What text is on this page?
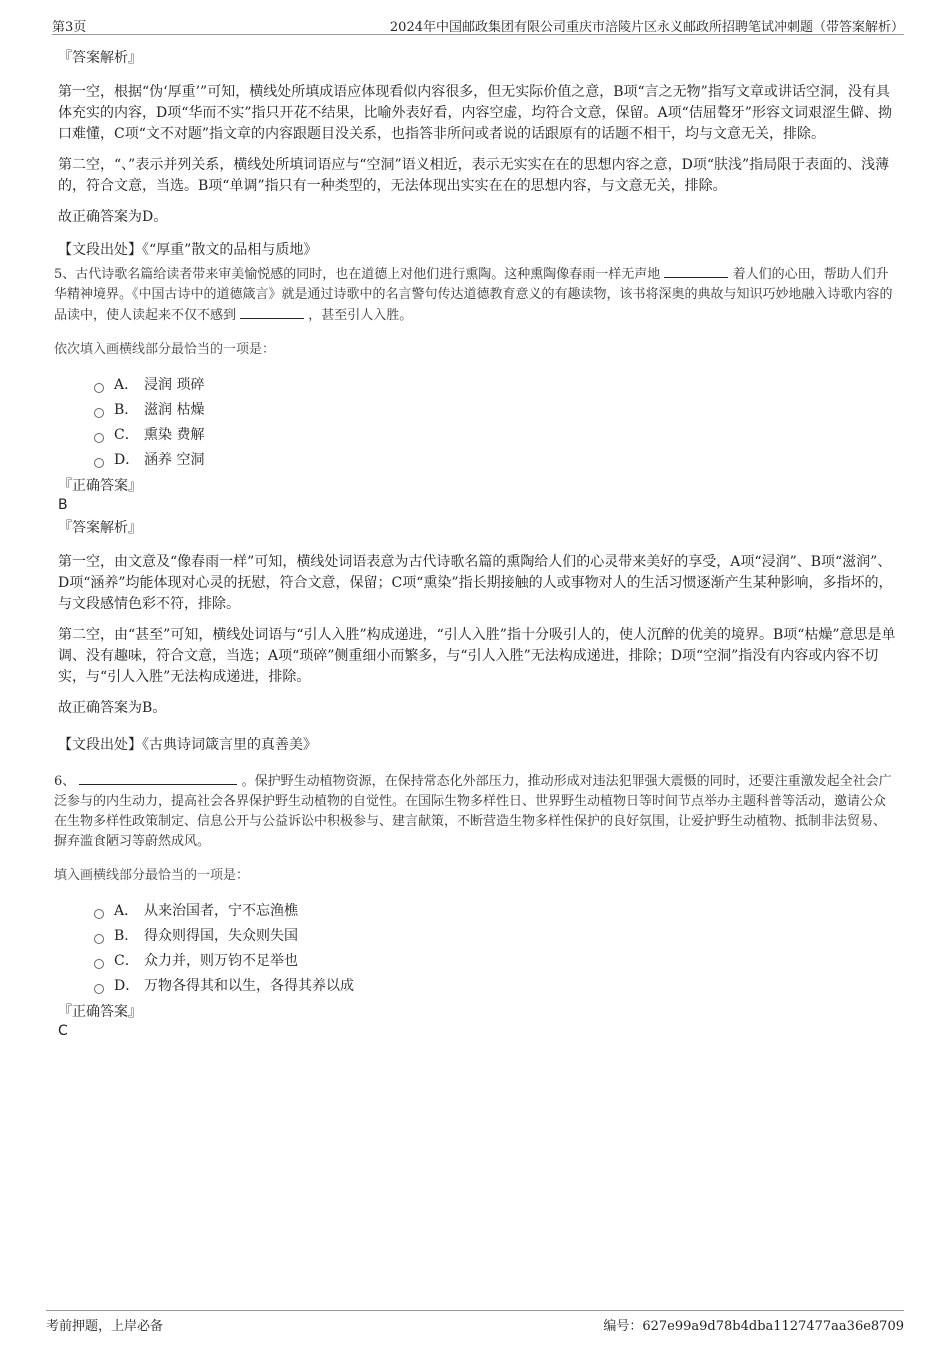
第3页	2024年中国邮政集团有限公司重庆市涪陵片区永义邮政所招聘笔试冲刺题（带答案解析）
『答案解析』
第一空，根据“伪‘厚重’”可知，横线处所填成语应体现看似内容很多，但无实际价值之意，B项“言之无物”指写文章或讲话空洞，没有具体充实的内容，D项“华而不实”指只开花不结果，比喻外表好看，内容空虚，均符合文意，保留。A项“佶屈聱牙”形容文词艰涩生僻、拗口难懂，C项“文不对题”指文章的内容跟题目没关系，也指答非所问或者说的话跟原有的话题不相干，均与文意无关，排除。
第二空，“、”表示并列关系，横线处所填词语应与“空洞”语义相近，表示无实实在在的思想内容之意，D项“肤浅”指局限于表面的、浅薄的，符合文意，当选。B项“单调”指只有一种类型的，无法体现出实实在在的思想内容，与文意无关，排除。
故正确答案为D。
【文段出处】《“厚重”散文的品相与质地》
5、古代诗歌名篇给读者带来审美愉悦感的同时，也在道德上对他们进行熏陶。这种熏陶像春雨一样无声地	着人们的心田，帮助人们升华精神境界。《中国古诗中的道德箴言》就是通过诗歌中的名言警句传达道德教育意义的有趣读物，该书将深奥的典故与知识巧妙地融入诗歌内容的品读中，使人读起来不仅不感到	，甚至引人入胜。
依次填入画横线部分最恰当的一项是：
A． 浸润 琐碎
B． 滋润 枯燥
C． 熏染 费解
D． 涵养 空洞
『正确答案』
B
『答案解析』
第一空，由文意及“像春雨一样”可知，横线处词语表意为古代诗歌名篇的熏陶给人们的心灵带来美好的享受，A项“浸润”、B项“滋润”、D项“涵养”均能体现对心灵的抚慰，符合文意，保留；C项“熏染”指长期接触的人或事物对人的生活习惯逐渐产生某种影响，多指坏的，与文段感情色彩不符，排除。
第二空，由“甚至”可知，横线处词语与“引人入胜”构成递进，“引人入胜”指十分吸引人的，使人沉醉的优美的境界。B项“枯燥”意思是单调、没有趣味，符合文意，当选；A项“琐碎”侧重细小而繁多，与“引人入胜”无法构成递进，排除；D项“空洞”指没有内容或内容不切实，与“引人入胜”无法构成递进，排除。
故正确答案为B。
【文段出处】《古典诗词箴言里的真善美》
6、	。保护野生动植物资源，在保持常态化外部压力，推动形成对违法犯罪强大震慑的同时，还要注重激发起全社会广泛参与的内生动力，提高社会各界保护野生动植物的自觉性。在国际生物多样性日、世界野生动植物日等时间节点举办主题科普等活动，邀请公众在生物多样性政策制定、信息公开与公益诉讼中积极参与、建言献策，不断营造生物多样性保护的良好氛围，让爱护野生动植物、抵制非法贸易、摒弃滥食陋习等蔚然成风。
填入画横线部分最恰当的一项是：
A． 从来治国者，宁不忘渔樵
B． 得众则得国，失众则失国
C． 众力并，则万钧不足举也
D． 万物各得其和以生，各得其养以成
『正确答案』
C
考前押题，上岸必备	编号：627e99a9d78b4dba1127477aa36e8709
